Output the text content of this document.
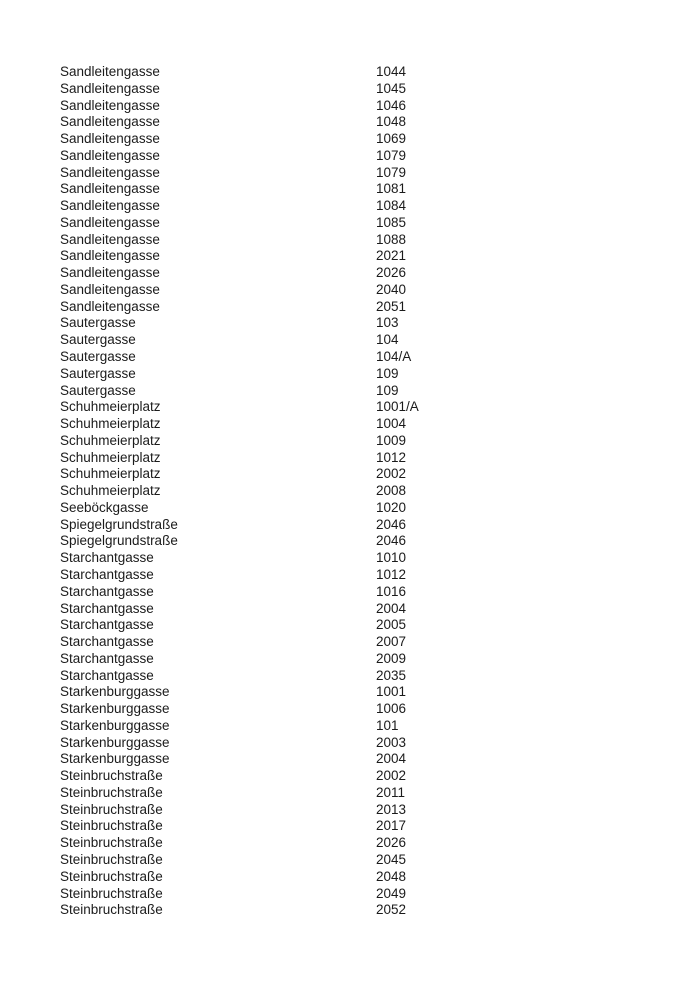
Sandleitengasse	1044
Sandleitengasse	1045
Sandleitengasse	1046
Sandleitengasse	1048
Sandleitengasse	1069
Sandleitengasse	1079
Sandleitengasse	1079
Sandleitengasse	1081
Sandleitengasse	1084
Sandleitengasse	1085
Sandleitengasse	1088
Sandleitengasse	2021
Sandleitengasse	2026
Sandleitengasse	2040
Sandleitengasse	2051
Sautergasse	103
Sautergasse	104
Sautergasse	104/A
Sautergasse	109
Sautergasse	109
Schuhmeierplatz	1001/A
Schuhmeierplatz	1004
Schuhmeierplatz	1009
Schuhmeierplatz	1012
Schuhmeierplatz	2002
Schuhmeierplatz	2008
Seeböckgasse	1020
Spiegelgrundstraße	2046
Spiegelgrundstraße	2046
Starchantgasse	1010
Starchantgasse	1012
Starchantgasse	1016
Starchantgasse	2004
Starchantgasse	2005
Starchantgasse	2007
Starchantgasse	2009
Starchantgasse	2035
Starkenburggasse	1001
Starkenburggasse	1006
Starkenburggasse	101
Starkenburggasse	2003
Starkenburggasse	2004
Steinbruchstraße	2002
Steinbruchstraße	2011
Steinbruchstraße	2013
Steinbruchstraße	2017
Steinbruchstraße	2026
Steinbruchstraße	2045
Steinbruchstraße	2048
Steinbruchstraße	2049
Steinbruchstraße	2052
